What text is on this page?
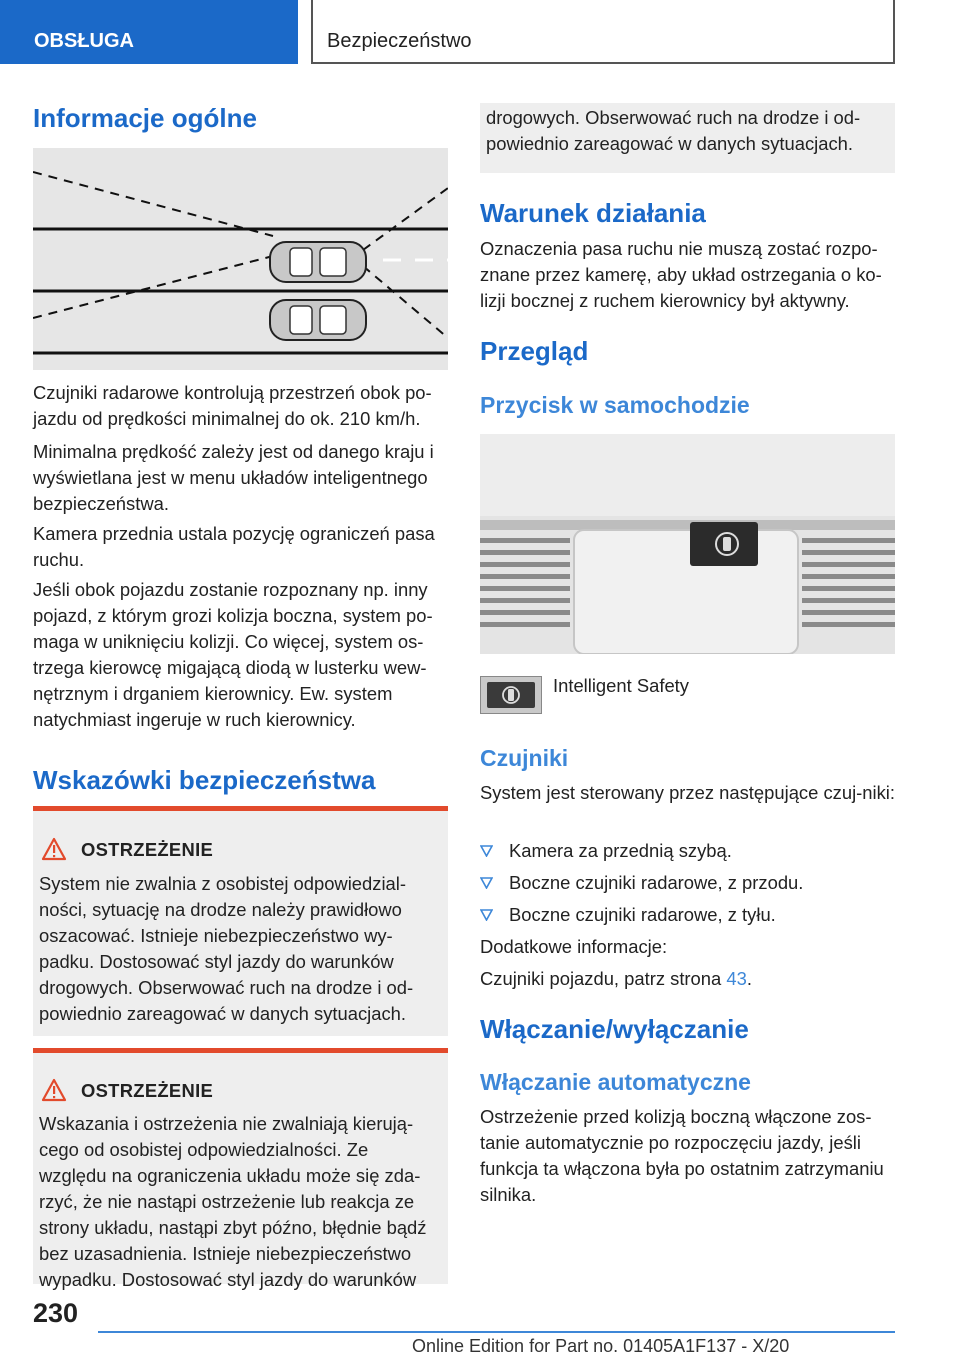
OBSŁUGA	Bezpieczeństwo
Informacje ogólne

Czujniki radarowe kontrolują przestrzeń obok po-jazdu od prędkości minimalnej do ok. 210 km/h.

Minimalna prędkość zależy jest od danego kraju i wyświetlana jest w menu układów inteligentnego bezpieczeństwa.

Kamera przednia ustala pozycję ograniczeń pasa ruchu.

Jeśli obok pojazdu zostanie rozpoznany np. inny pojazd, z którym grozi kolizja boczna, system po-maga w uniknięciu kolizji. Co więcej, system os-trzega kierowcę migającą diodą w lusterku wew-nętrznym i drganiem kierownicy. Ew. system natychmiast ingeruje w ruch kierownicy.

Wskazówki bezpieczeństwa
OSTRZEŻENIE

System nie zwalnia z osobistej odpowiedzial-ności, sytuację na drodze należy prawidłowo oszacować. Istnieje niebezpieczeństwo wy-padku. Dostosować styl jazdy do warunków drogowych. Obserwować ruch na drodze i od-powiednio zareagować w danych sytuacjach.

OSTRZEŻENIE

Wskazania i ostrzeżenia nie zwalniają kierują-cego od osobistej odpowiedzialności. Ze względu na ograniczenia układu może się zda-rzyć, że nie nastąpi ostrzeżenie lub reakcja ze strony układu, nastąpi zbyt późno, błędnie bądź bez uzasadnienia. Istnieje niebezpieczeństwo wypadku. Dostosować styl jazdy do warunków

drogowych. Obserwować ruch na drodze i od-powiednio zareagować w danych sytuacjach.

Warunek działania

Oznaczenia pasa ruchu nie muszą zostać rozpo-znane przez kamerę, aby układ ostrzegania o ko-lizji bocznej z ruchem kierownicy był aktywny.

Przegląd
Przycisk w samochodzie

Intelligent Safety

Czujniki

System jest sterowany przez następujące czuj-niki:

Kamera za przednią szybą.
Boczne czujniki radarowe, z przodu.
Boczne czujniki radarowe, z tyłu.

Dodatkowe informacje:

Czujniki pojazdu, patrz strona 43.

Włączanie/wyłączanie
Włączanie automatyczne

Ostrzeżenie przed kolizją boczną włączone zos-tanie automatycznie po rozpoczęciu jazdy, jeśli funkcja ta włączona była po ostatnim zatrzymaniu silnika.

230
Online Edition for Part no. 01405A1F137 - X/20
